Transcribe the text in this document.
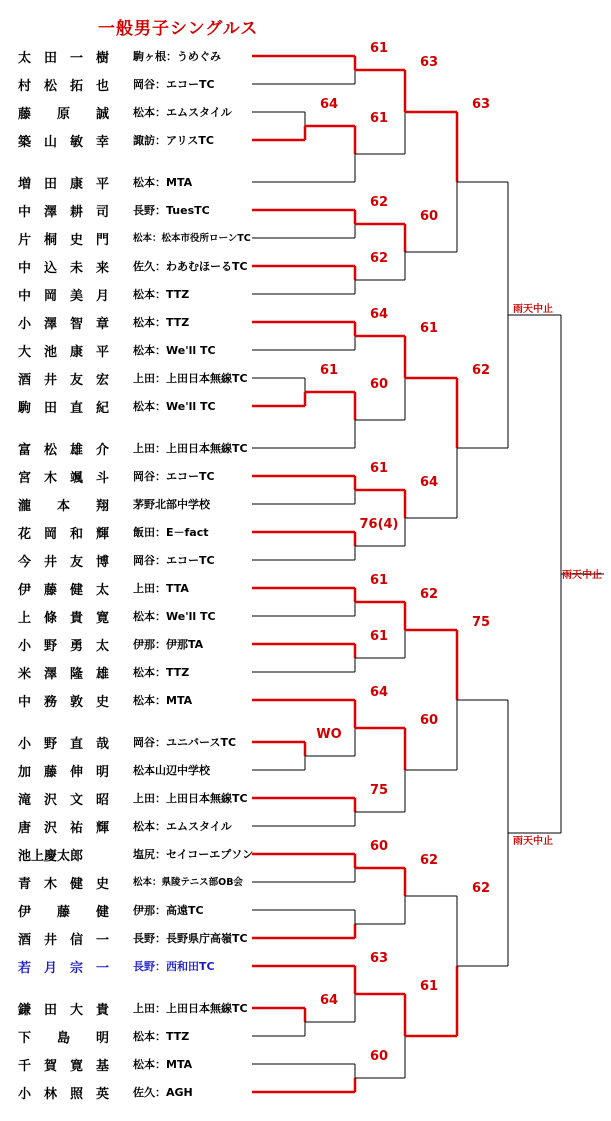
一般男子シングルス
太　田　一　樹	駒ヶ根：うめぐみ
村　松　拓　也	岡谷：エコーTC
藤　　原　　誠	松本：エムスタイル
築　山　敏　幸	諏訪：アリスTC
増　田　康　平	松本：MTA
中　澤　耕　司	長野：TuesTC
片　桐　史　門	松本：松本市役所ローンTC
中　込　未　来	佐久：わあむほーるTC
中　岡　美　月	松本：TTZ
小　澤　智　章	松本：TTZ
大　池　康　平	松本：We'll TC
酒　井　友　宏	上田：上田日本無線TC
駒　田　直　紀	松本：We'll TC
富　松　雄　介	上田：上田日本無線TC
宮　木　颯　斗	岡谷：エコーTC
瀧　　本　　翔	茅野北部中学校
花　岡　和　輝	飯田：E－fact
今　井　友　博	岡谷：エコーTC
伊　藤　健　太	上田：TTA
上　條　貴　寛	松本：We'll TC
小　野　勇　太	伊那：伊那TA
米　澤　隆　雄	松本：TTZ
中　務　敦　史	松本：MTA
小　野　直　哉	岡谷：ユニバースTC
加　藤　伸　明	松本山辺中学校
滝　沢　文　昭	上田：上田日本無線TC
唐　沢　祐　輝	松本：エムスタイル
池上慶太郎	塩尻：セイコーエプソン
青　木　健　史	松本：県陵テニス部OB会
伊　　藤　　健	伊那：高遠TC
酒　井　信　一	長野：長野県庁高嶺TC
若　月　宗　一	長野：西和田TC
鎌　田　大　貴	上田：上田日本無線TC
下　　島　　明	松本：TTZ
千　賀　寛　基	松本：MTA
小　林　照　英	佐久：AGH
64
61
76(4)
WO
64
61
61
62
62
64
60
61
61
61
64
75
60
63
60
63
60
61
64
62
60
62
61
63
62
75
62
雨天中止
雨天中止
雨天中止
